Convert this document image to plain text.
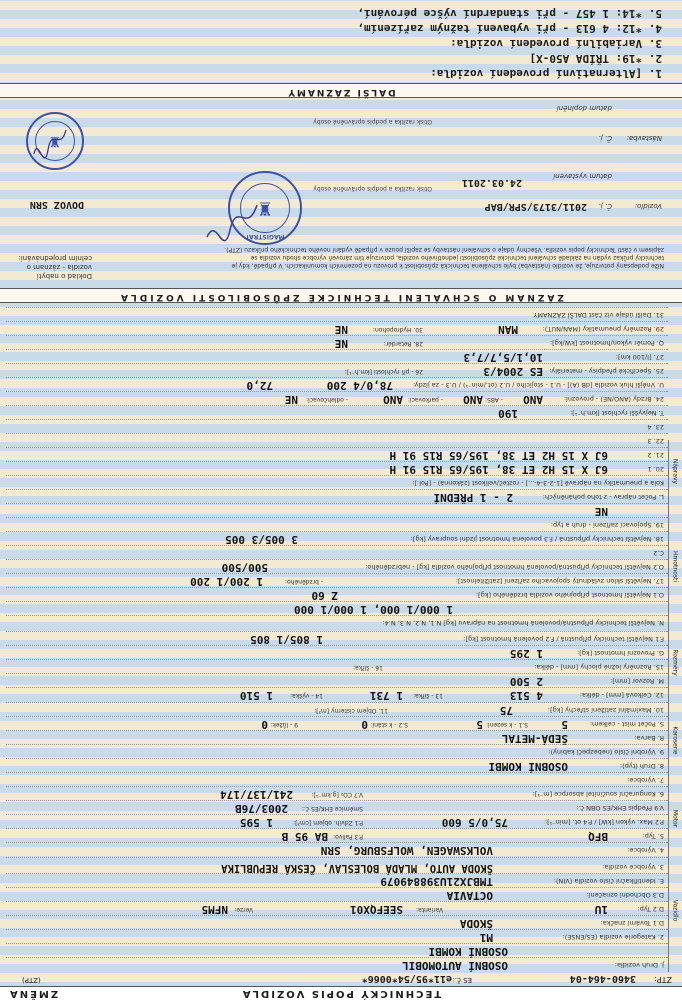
TECHNICKÝ POPIS VOZIDLA
ZMĚNA
ZTP:
3460-464-04
ES č.:
e11*95/54*0066*
(ZTP)
Vozidlo
Motor
Karoserie
Rozměry
Hmotnosti
Nápravy
J. Druh vozidla:
OSOBNÍ AUTOMOBIL
OSOBNÍ KOMBI
2. Kategorie vozidla (ES/ENSE):
M1
D.1 Tovární značka:
ŠKODA
D.2 Typ:
1U
Variantа:
SEEFQX01
Verze:
NFM5
D.3 Obchodní označení:
OCTAVIA
E. Identifikační číslo vozidla (VIN):
TMBJX21U398849079
3. Výrobce vozidla:
ŠKODA AUTO, MLADÁ BOLESLAV, ČESKÁ REPUBLIKA
4. Výrobce:
VOLKSWAGEN, WOLFSBURG, SRN
5. Typ:
BFQ
P.3 Palivo:
BA 95 B
P.2 Max. výkon [kW] / P.4 ot. [min⁻¹]:
75,0/5 600
P.1 Zdvih. objem [cm³]:
1 595
V.9 Předpis EHK/ES OBN č.:
Směrnice EHK/ES č.:
2003/76B
6. Kongurační součinitel absorpce [m⁻¹]:
V.7 CO₂ [g.km⁻¹]:
241/137/174
7. Výrobce:
8. Druh (typ):
OSOBNÍ KOMBI
9. Výrobní číslo (nebezpečí kabiny):
R. Barva:
ŠEDÁ-METAL
S. Počet míst - celkem:
5
S.1 - k sezení:
5
S.2 - k stání:
0
9 - lůžek:
0
10. Maximální zatížení střechy [kg]:
75
11. Objem cisterny [m³]:
12. Celková [mm] - délka:
4 513
13 - šířka:
1 731
14 - výška:
1 510
M. Rozvor [mm]:
2 500
15. Rozměry ložné plochy [mm] - délka:
16 - šířka:
G. Provozní hmotnost [kg]:
1 295
F.1 Největší technicky přípustná / F.2 povolená hmotnost [kg]:
1 805/1 805
N. Největší technicky přípustná/povolená hmotnost na nápravu [kg] N.1, N.2, N.3, N.4:
1 000/1 000, 1 000/1 000
O.1 Největší hmotnost přípojného vozidla brzděného [kg]:
Z 60
17. Největší sklon zvládnutý spojovacího zařízení [zatížitelnost]:
- brzděného:
1 200/1 200
O.2 Největší technicky přípustná/povolená hmotnost přípojného vozidla [kg] - nebrzděného:
500/500
C.2
18. Největší technicky přípustná / F.3 povolená hmotnost jízdní soupravy [kg]:
3 005/3 005
19. Spojovací zařízení - druh a typ:
NE
L. Počet náprav - z toho poháněných:
2 - 1 PŘEDNÍ
Kola a pneumatiky na nápravě [1-2-3-4-...] - rozteč/velikost (zákonná) - [Pol.]:
20. 1
6J X 15 H2 ET 38, 195/65 R15 91 H
21. 2
6J X 15 H2 ET 38, 195/65 R15 91 H
22. 3
23. 4
T. Nejvyšší rychlost [km.h⁻¹]:
190
24. Brzdy (ANO/NE) - provozní:
ANO
- ABS:
ANO
- parkovací:
ANO
- odlehčovací:
NE
U. Vnější hluk vozidla [dB (A)] - U.1 - stojícího / U.2 (ot./min⁻¹) / U.3 - za jízdy:
78,0/4 200
72,0
25. Specifické předpisy - materiály:
ES 2004/3
26 - při rychlosti [km.h⁻¹]:
27. [l/100 km]:
10,1/5,7/7,3
Q. Poměr výkon/hmotnost [kW/kg]:
28. Retardér:
NE
29. Rozměry pneumatiky (MAN/NUT):
MAN
30. Hydropohon:
NE
31. Další údaje viz část DALŠÍ ZÁZNAMY
ZÁZNAM O SCHVÁLENÍ TECHNICKÉ ZPŮSOBILOSTI VOZIDLA
Níže podepsaný potvrzuje, že vozidlo (nástavba) bylo schválena technická způsobilost k provozu na pozemních komunikacích. V případě, kdy je technický průkaz vydán na základě schválení technické způsobilosti jednotlivého vozidla, potvrzuje tím zároveň výrobce shodu vozidla se zápisem v části Technický popis vozidla. Všechny údaje o schválení nástavby se zapíší pouze v případě vydání nového technického průkazu (ZTP).
Doklad o nabytí vozidla - záznam o celním projednávání:
DOVOZ SRN	Vozidlo:
Č. j.
2011/3173/SPR/BAP
datum vystavení
24.03.2011
Otisk razítka a podpis oprávněné osoby
MAGISTRÁT
♜
Nástavba:
Č. j.
datum doplnění
Otisk razítka a podpis oprávněné osoby
♜
DALŠÍ ZÁZNAMY
1. [Alternativní provedení vozidla:
2. *19: TŘÍDA A50-X]
3. Variabilní provedení vozidla:
4. *12: 4 613 - při vybavení tažným zařízením,
5. *14: 1 457 - při standardní výšce pérování,
